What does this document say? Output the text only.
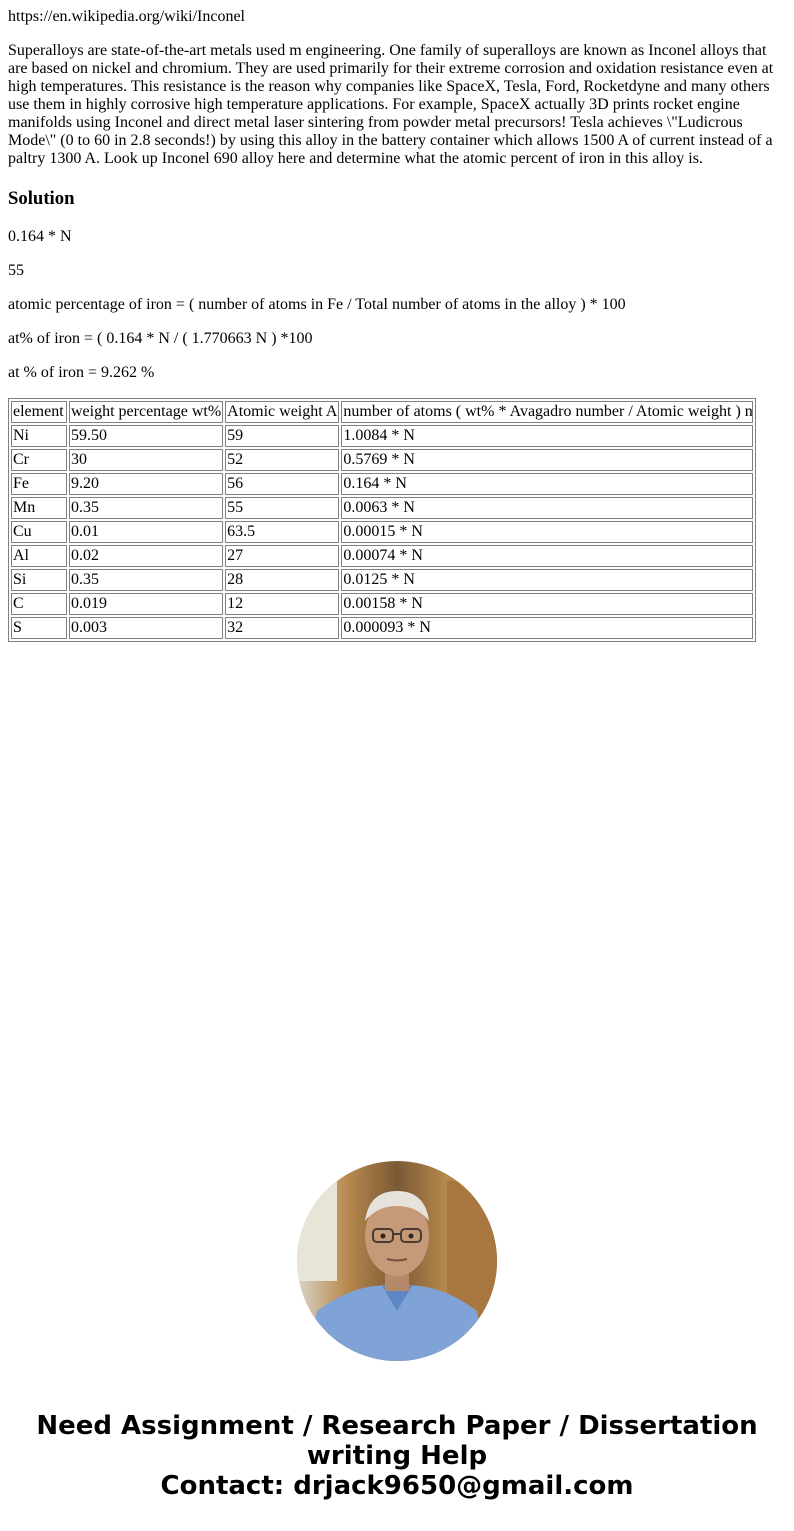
https://en.wikipedia.org/wiki/Inconel

Superalloys are state-of-the-art metals used m engineering. One family of superalloys are known as Inconel alloys that are based on nickel and chromium. They are used primarily for their extreme corrosion and oxidation resistance even at high temperatures. This resistance is the reason why companies like SpaceX, Tesla, Ford, Rocketdyne and many others use them in highly corrosive high temperature applications. For example, SpaceX actually 3D prints rocket engine manifolds using Inconel and direct metal laser sintering from powder metal precursors! Tesla achieves \"Ludicrous Mode\" (0 to 60 in 2.8 seconds!) by using this alloy in the battery container which allows 1500 A of current instead of a paltry 1300 A. Look up Inconel 690 alloy here and determine what the atomic percent of iron in this alloy is.

Solution

0.164 * N

55

atomic percentage of iron = ( number of atoms in Fe / Total number of atoms in the alloy ) * 100

at% of iron = ( 0.164 * N / ( 1.770663 N ) *100

at % of iron = 9.262 %

element	weight percentage wt%	Atomic weight A	number of atoms ( wt% * Avagadro number / Atomic weight ) n
Ni	59.50	59	1.0084 * N
Cr	30	52	0.5769 * N
Fe	9.20	56	0.164 * N
Mn	0.35	55	0.0063 * N
Cu	0.01	63.5	0.00015 * N
Al	0.02	27	0.00074 * N
Si	0.35	28	0.0125 * N
C	0.019	12	0.00158 * N
S	0.003	32	0.000093 * N
Need Assignment / Research Paper / Dissertation
writing Help
Contact: drjack9650@gmail.com
